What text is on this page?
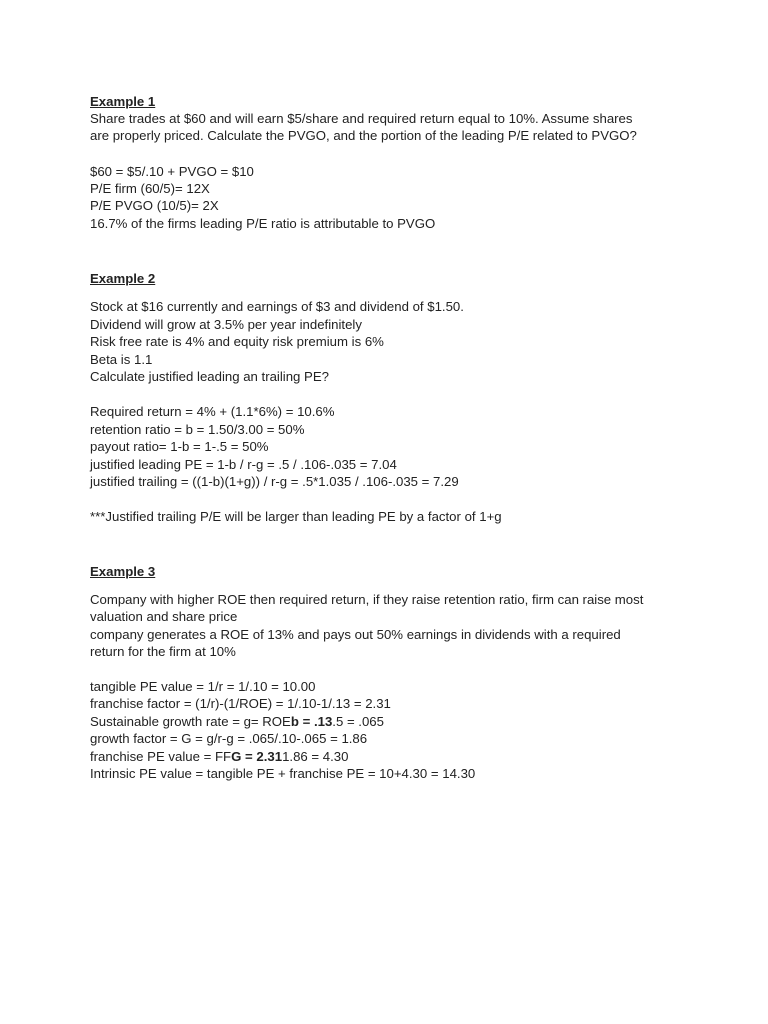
Example 1
Share trades at $60 and will earn $5/share and required return equal to 10%. Assume shares
are properly priced. Calculate the PVGO, and the portion of the leading P/E related to PVGO?
$60 = $5/.10 + PVGO = $10
P/E firm (60/5)= 12X
P/E PVGO (10/5)= 2X
16.7% of the firms leading P/E ratio is attributable to PVGO
Example 2
Stock at $16 currently and earnings of $3 and dividend of $1.50.
Dividend will grow at 3.5% per year indefinitely
Risk free rate is 4% and equity risk premium is 6%
Beta is 1.1
Calculate justified leading an trailing PE?
Required return = 4% + (1.1*6%) = 10.6%
retention ratio = b = 1.50/3.00 = 50%
payout ratio= 1-b = 1-.5 = 50%
justified leading PE = 1-b / r-g = .5 / .106-.035 = 7.04
justified trailing = ((1-b)(1+g)) / r-g = .5*1.035 / .106-.035 = 7.29
***Justified trailing P/E will be larger than leading PE by a factor of 1+g
Example 3
Company with higher ROE then required return, if they raise retention ratio, firm can raise most
valuation and share price
company generates a ROE of 13% and pays out 50% earnings in dividends with a required
return for the firm at 10%
tangible PE value = 1/r = 1/.10 = 10.00
franchise factor = (1/r)-(1/ROE) = 1/.10-1/.13 = 2.31
Sustainable growth rate = g= ROEb = .13.5 = .065
growth factor = G = g/r-g = .065/.10-.065 = 1.86
franchise PE value = FFG = 2.311.86 = 4.30
Intrinsic PE value = tangible PE + franchise PE = 10+4.30 = 14.30
